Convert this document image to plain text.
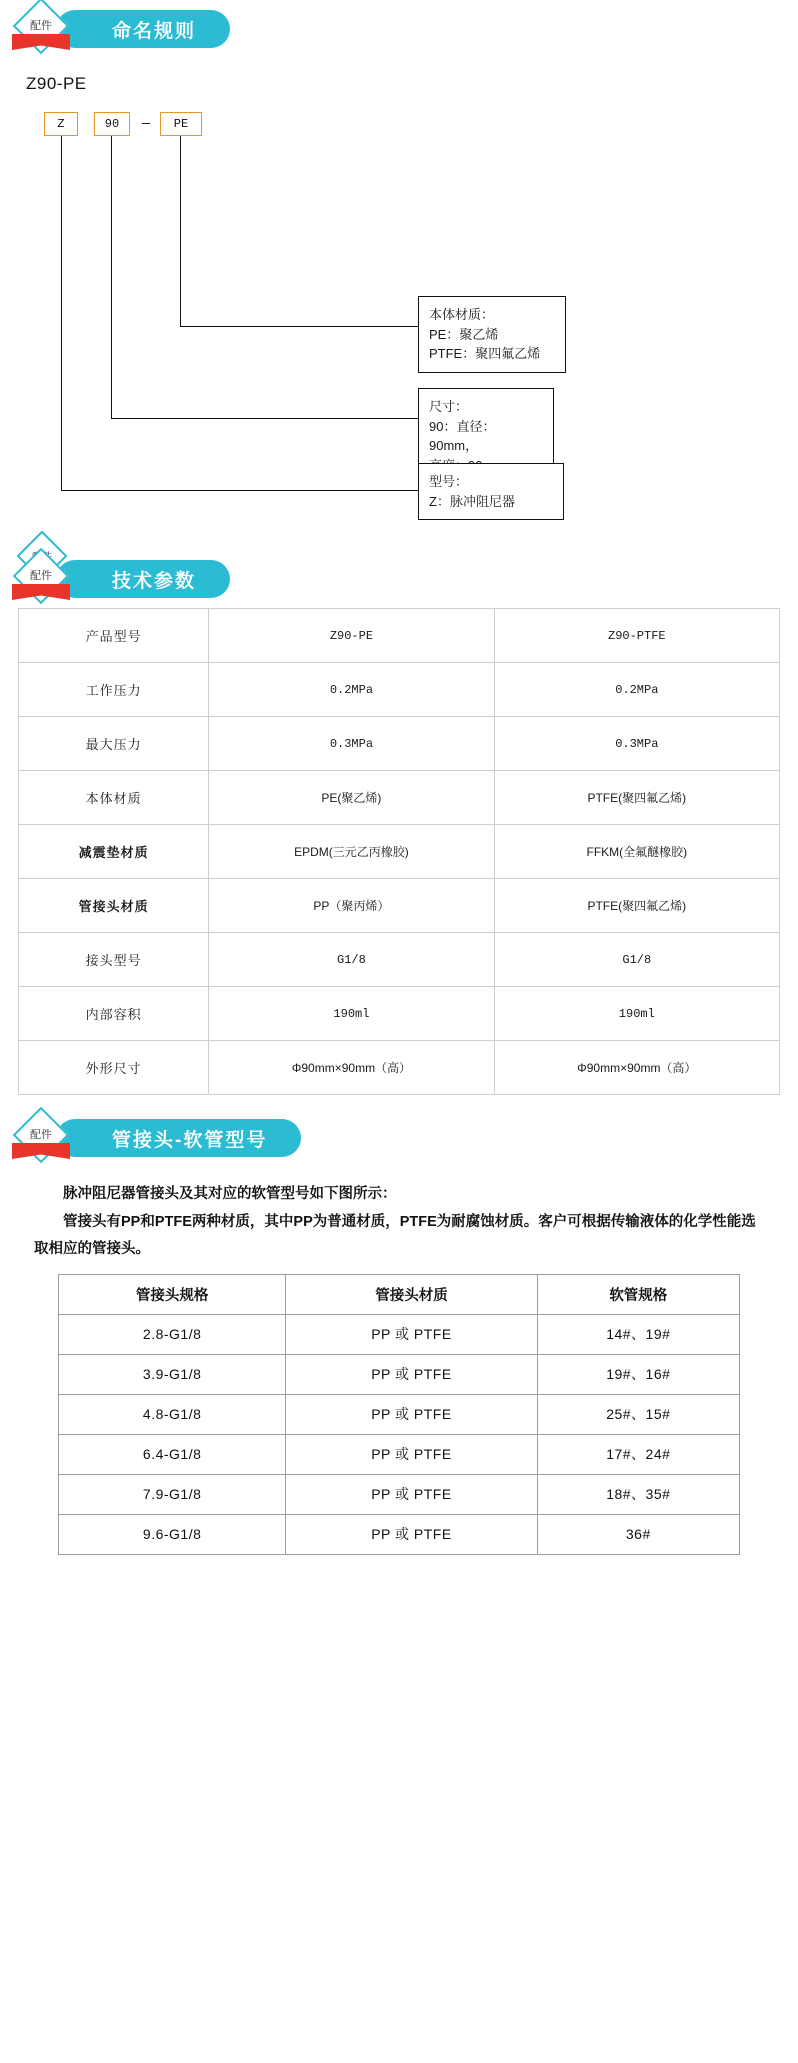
配件	命名规则
Z90-PE
Z	90	—	PE
本体材质：
PE：聚乙烯
PTFE：聚四氟乙烯
尺寸：
90：直径：90mm，
型号：
Z：脉冲阻尼器
配件	技术参数
产品型号	Z90-PE	Z90-PTFE
工作压力	0.2MPa	0.2MPa
最大压力	0.3MPa	0.3MPa
本体材质	PE(聚乙烯)	PTFE(聚四氟乙烯)
减震垫材质	EPDM(三元乙丙橡胶)	FFKM(全氟醚橡胶)
管接头材质	PP（聚丙烯）	PTFE(聚四氟乙烯)
接头型号	G1/8	G1/8
内部容积	190ml	190ml
外形尺寸	Φ90mm×90mm（高）	Φ90mm×90mm（高）
配件	管接头-软管型号

脉冲阻尼器管接头及其对应的软管型号如下图所示：

管接头有PP和PTFE两种材质，其中PP为普通材质，PTFE为耐腐蚀材质。客户可根据传输液体的化学性能选取相应的管接头。

管接头规格	管接头材质	软管规格
2.8-G1/8	PP 或 PTFE	14#、19#
3.9-G1/8	PP 或 PTFE	19#、16#
4.8-G1/8	PP 或 PTFE	25#、15#
6.4-G1/8	PP 或 PTFE	17#、24#
7.9-G1/8	PP 或 PTFE	18#、35#
9.6-G1/8	PP 或 PTFE	36#
